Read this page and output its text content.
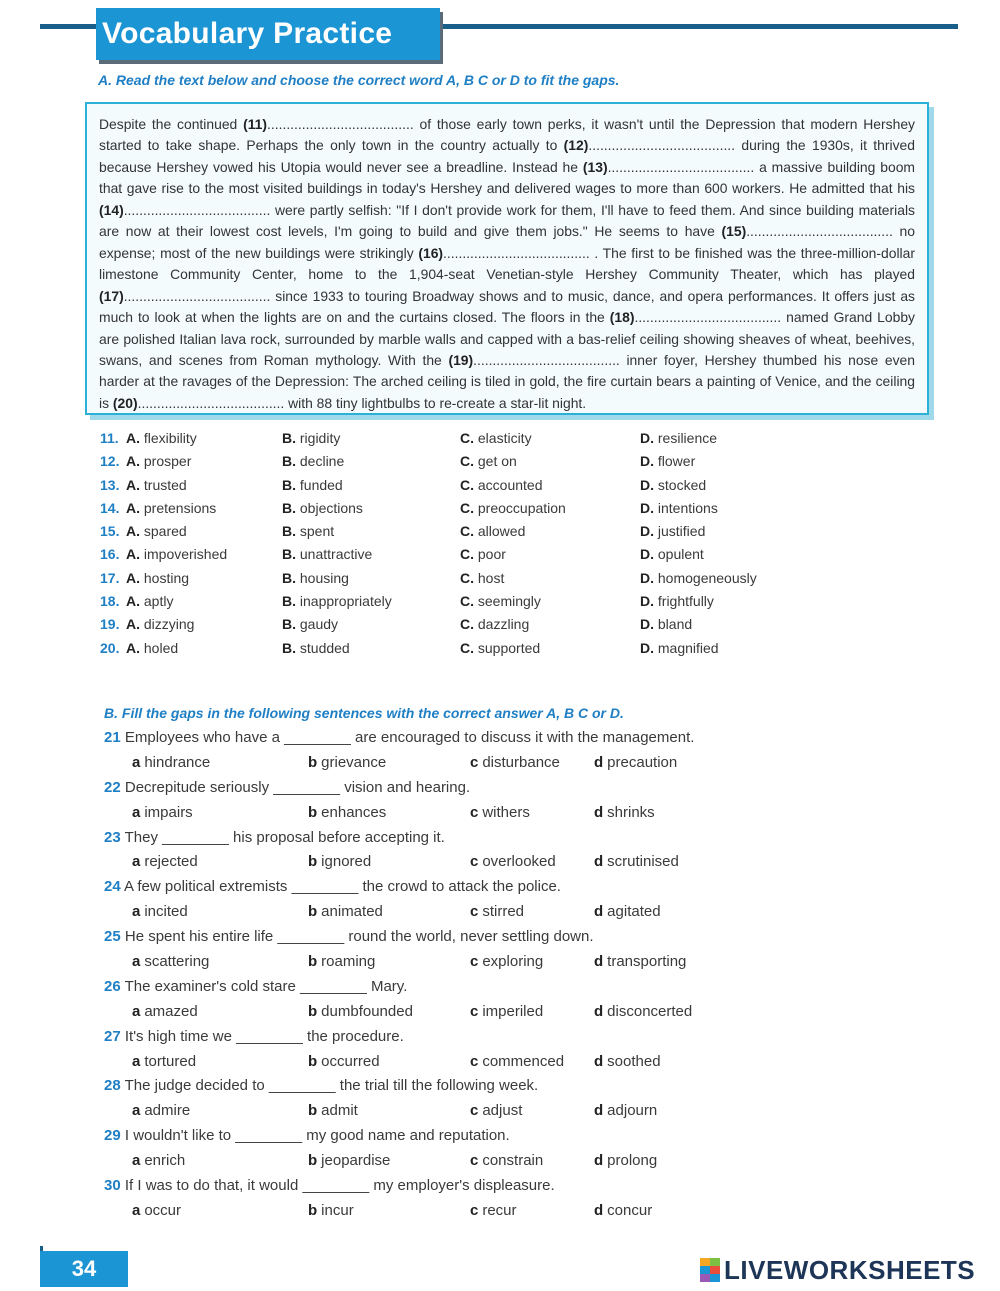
Vocabulary Practice
A. Read the text below and choose the correct word A, B C or D to fit the gaps.
Despite the continued (11)...................................... of those early town perks, it wasn't until the Depression that modern Hershey started to take shape. Perhaps the only town in the country actually to (12)...................................... during the 1930s, it thrived because Hershey vowed his Utopia would never see a breadline. Instead he (13)...................................... a massive building boom that gave rise to the most visited buildings in today's Hershey and delivered wages to more than 600 workers. He admitted that his (14)...................................... were partly selfish: "If I don't provide work for them, I'll have to feed them. And since building materials are now at their lowest cost levels, I'm going to build and give them jobs." He seems to have (15)...................................... no expense; most of the new buildings were strikingly (16)...................................... . The first to be finished was the three-million-dollar limestone Community Center, home to the 1,904-seat Venetian-style Hershey Community Theater, which has played (17)...................................... since 1933 to touring Broadway shows and to music, dance, and opera performances. It offers just as much to look at when the lights are on and the curtains closed. The floors in the (18)...................................... named Grand Lobby are polished Italian lava rock, surrounded by marble walls and capped with a bas-relief ceiling showing sheaves of wheat, beehives, swans, and scenes from Roman mythology. With the (19)...................................... inner foyer, Hershey thumbed his nose even harder at the ravages of the Depression: The arched ceiling is tiled in gold, the fire curtain bears a painting of Venice, and the ceiling is (20)...................................... with 88 tiny lightbulbs to re-create a star-lit night.
11. A. flexibility	B. rigidity	C. elasticity	D. resilience
12. A. prosper	B. decline	C. get on	D. flower
13. A. trusted	B. funded	C. accounted	D. stocked
14. A. pretensions	B. objections	C. preoccupation	D. intentions
15. A. spared	B. spent	C. allowed	D. justified
16. A. impoverished	B. unattractive	C. poor	D. opulent
17. A. hosting	B. housing	C. host	D. homogeneously
18. A. aptly	B. inappropriately	C. seemingly	D. frightfully
19. A. dizzying	B. gaudy	C. dazzling	D. bland
20. A. holed	B. studded	C. supported	D. magnified
B. Fill the gaps in the following sentences with the correct answer A, B C or D.
21 Employees who have a ________ are encouraged to discuss it with the management.
a hindrance	b grievance	c disturbance d precaution
22 Decrepitude seriously ________ vision and hearing.
a impairs	b enhances	c withers	d shrinks
23 They ________ his proposal before accepting it.
a rejected	b ignored	c overlooked	d scrutinised
24 A few political extremists ________ the crowd to attack the police.
a incited	b animated	c stirred	d agitated
25 He spent his entire life ________ round the world, never settling down.
a scattering	b roaming	c exploring	d transporting
26 The examiner's cold stare ________ Mary.
a amazed	b dumbfounded	c imperiled	d disconcerted
27 It's high time we ________ the procedure.
a tortured	b occurred	c commenced d soothed
28 The judge decided to ________ the trial till the following week.
a admire	b admit	c adjust	d adjourn
29 I wouldn't like to ________ my good name and reputation.
a enrich	b jeopardise	c constrain	d prolong
30 If I was to do that, it would ________ my employer's displeasure.
a occur	b incur	c recur	d concur
34	LIVEWORKSHEETS
